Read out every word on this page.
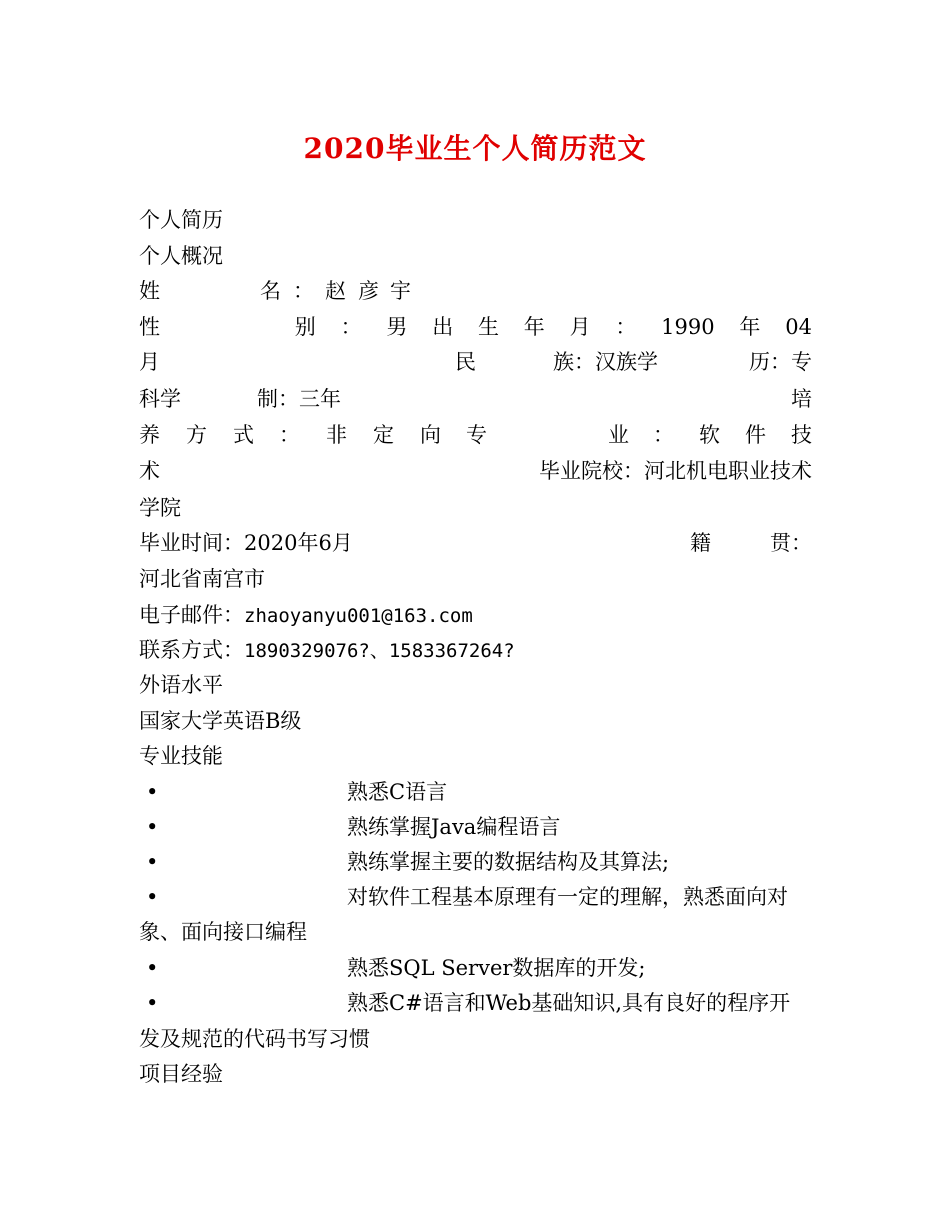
2020毕业生个人简历范文
个人简历
个人概况
姓	名 ： 赵 彦 宇
性	别 ： 男 出 生 年 月 ： 1990 年 04
月	民	族：汉族学	历：专
科学	制：三年	培
养 方 式 ： 非 定 向 专	业 ： 软 件 技
术	毕业院校：河北机电职业技术
学院
毕业时间：2020年6月	籍	贯：
河北省南宫市
电子邮件：zhaoyanyu001@163.com
联系方式：1890329076?、1583367264?
外语水平
国家大学英语B级
专业技能
•	熟悉C语言
•	熟练掌握Java编程语言
•	熟练掌握主要的数据结构及其算法;
•	对软件工程基本原理有一定的理解，熟悉面向对
象、面向接口编程
•	熟悉SQL Server数据库的开发;
•	熟悉C#语言和Web基础知识,具有良好的程序开
发及规范的代码书写习惯
项目经验
